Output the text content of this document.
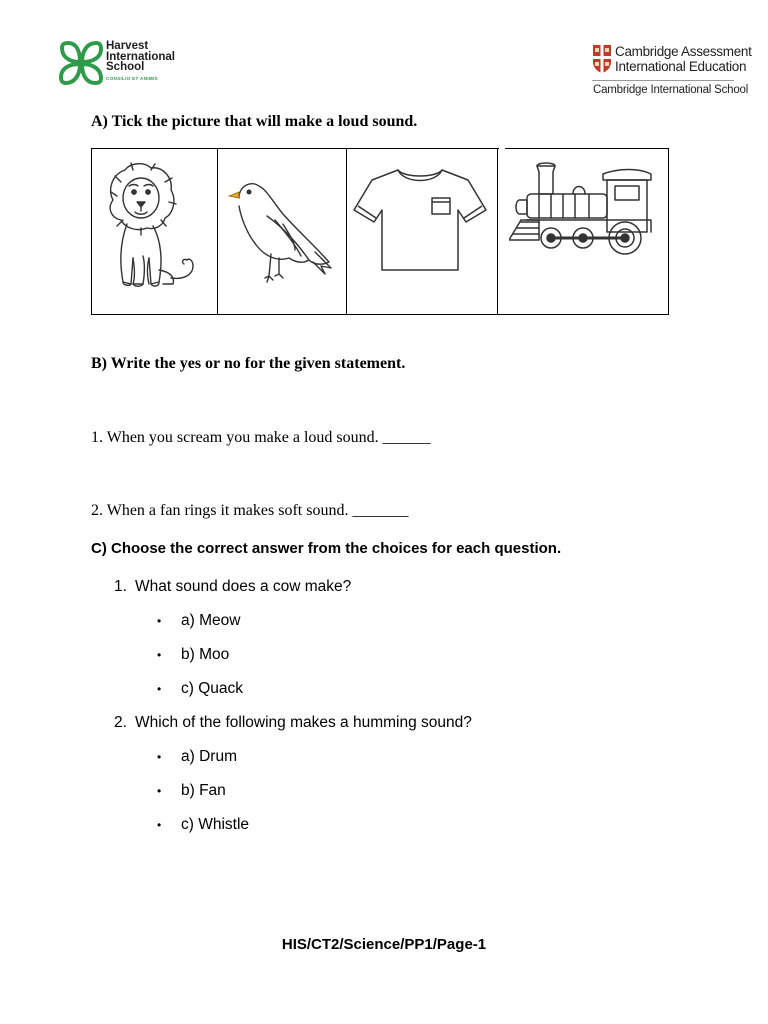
Harvest
International
School
CONSILIO ET ANIMIS
Cambridge Assessment
International Education
Cambridge International School
A) Tick the picture that will make a loud sound.
B) Write the yes or no for the given statement.
1. When you scream you make a loud sound. ______
2. When a fan rings it makes soft sound. _______
C) Choose the correct answer from the choices for each question.
1. What sound does a cow make?
• a) Meow
• b) Moo
• c) Quack
2. Which of the following makes a humming sound?
• a) Drum
• b) Fan
• c) Whistle
HIS/CT2/Science/PP1/Page-1
